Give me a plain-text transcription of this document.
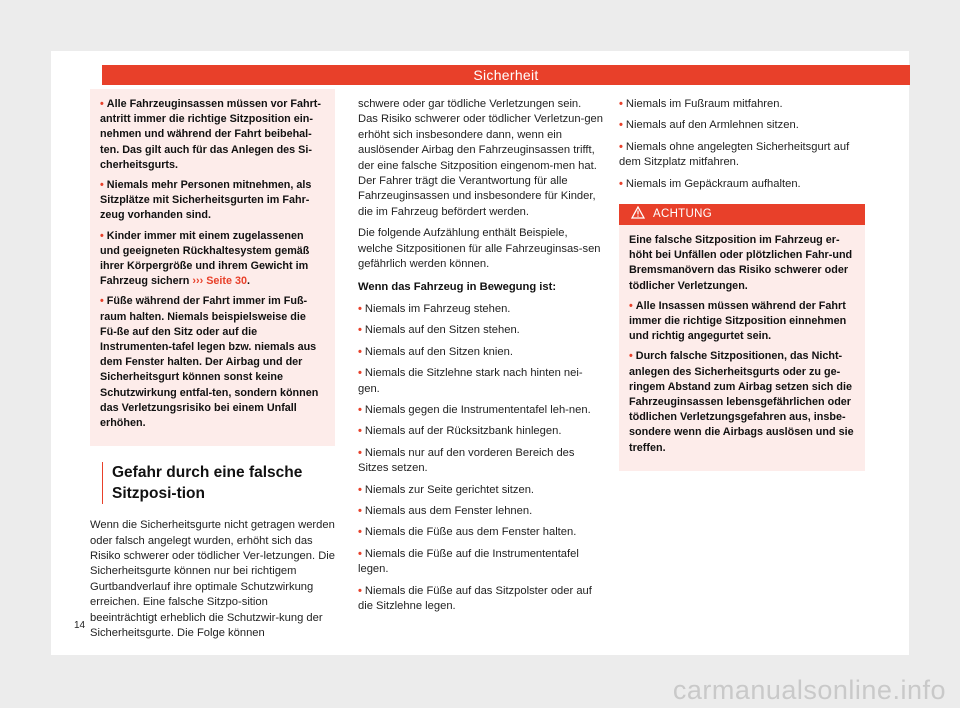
Sicherheit

• Alle Fahrzeuginsassen müssen vor Fahrt-antritt immer die richtige Sitzposition ein-nehmen und während der Fahrt beibehal-ten. Das gilt auch für das Anlegen des Si-cherheitsgurts.

• Niemals mehr Personen mitnehmen, als Sitzplätze mit Sicherheitsgurten im Fahr-zeug vorhanden sind.

• Kinder immer mit einem zugelassenen und geeigneten Rückhaltesystem gemäß ihrer Körpergröße und ihrem Gewicht im Fahrzeug sichern ››› Seite 30.

• Füße während der Fahrt immer im Fuß-raum halten. Niemals beispielsweise die Fü-ße auf den Sitz oder auf die Instrumenten-tafel legen bzw. niemals aus dem Fenster halten. Der Airbag und der Sicherheitsgurt können sonst keine Schutzwirkung entfal-ten, sondern können das Verletzungsrisiko bei einem Unfall erhöhen.

Gefahr durch eine falsche Sitzposi-tion

Wenn die Sicherheitsgurte nicht getragen werden oder falsch angelegt wurden, erhöht sich das Risiko schwerer oder tödlicher Ver-letzungen. Die Sicherheitsgurte können nur bei richtigem Gurtbandverlauf ihre optimale Schutzwirkung erreichen. Eine falsche Sitzpo-sition beeinträchtigt erheblich die Schutzwir-kung der Sicherheitsgurte. Die Folge können

schwere oder gar tödliche Verletzungen sein. Das Risiko schwerer oder tödlicher Verletzun-gen erhöht sich insbesondere dann, wenn ein auslösender Airbag den Fahrzeuginsassen trifft, der eine falsche Sitzposition eingenom-men hat. Der Fahrer trägt die Verantwortung für alle Fahrzeuginsassen und insbesondere für Kinder, die im Fahrzeug befördert werden.

Die folgende Aufzählung enthält Beispiele, welche Sitzpositionen für alle Fahrzeuginsas-sen gefährlich werden können.

Wenn das Fahrzeug in Bewegung ist:

• Niemals im Fahrzeug stehen.

• Niemals auf den Sitzen stehen.

• Niemals auf den Sitzen knien.

• Niemals die Sitzlehne stark nach hinten nei-gen.

• Niemals gegen die Instrumententafel leh-nen.

• Niemals auf der Rücksitzbank hinlegen.

• Niemals nur auf den vorderen Bereich des Sitzes setzen.

• Niemals zur Seite gerichtet sitzen.

• Niemals aus dem Fenster lehnen.

• Niemals die Füße aus dem Fenster halten.

• Niemals die Füße auf die Instrumententafel legen.

• Niemals die Füße auf das Sitzpolster oder auf die Sitzlehne legen.

• Niemals im Fußraum mitfahren.

• Niemals auf den Armlehnen sitzen.

• Niemals ohne angelegten Sicherheitsgurt auf dem Sitzplatz mitfahren.

• Niemals im Gepäckraum aufhalten.

ACHTUNG

Eine falsche Sitzposition im Fahrzeug er-höht bei Unfällen oder plötzlichen Fahr-und Bremsmanövern das Risiko schwerer oder tödlicher Verletzungen.

• Alle Insassen müssen während der Fahrt immer die richtige Sitzposition einnehmen und richtig angegurtet sein.

• Durch falsche Sitzpositionen, das Nicht-anlegen des Sicherheitsgurts oder zu ge-ringem Abstand zum Airbag setzen sich die Fahrzeuginsassen lebensgefährlichen oder tödlichen Verletzungsgefahren aus, insbe-sondere wenn die Airbags auslösen und sie treffen.

14
carmanualsonline.info
